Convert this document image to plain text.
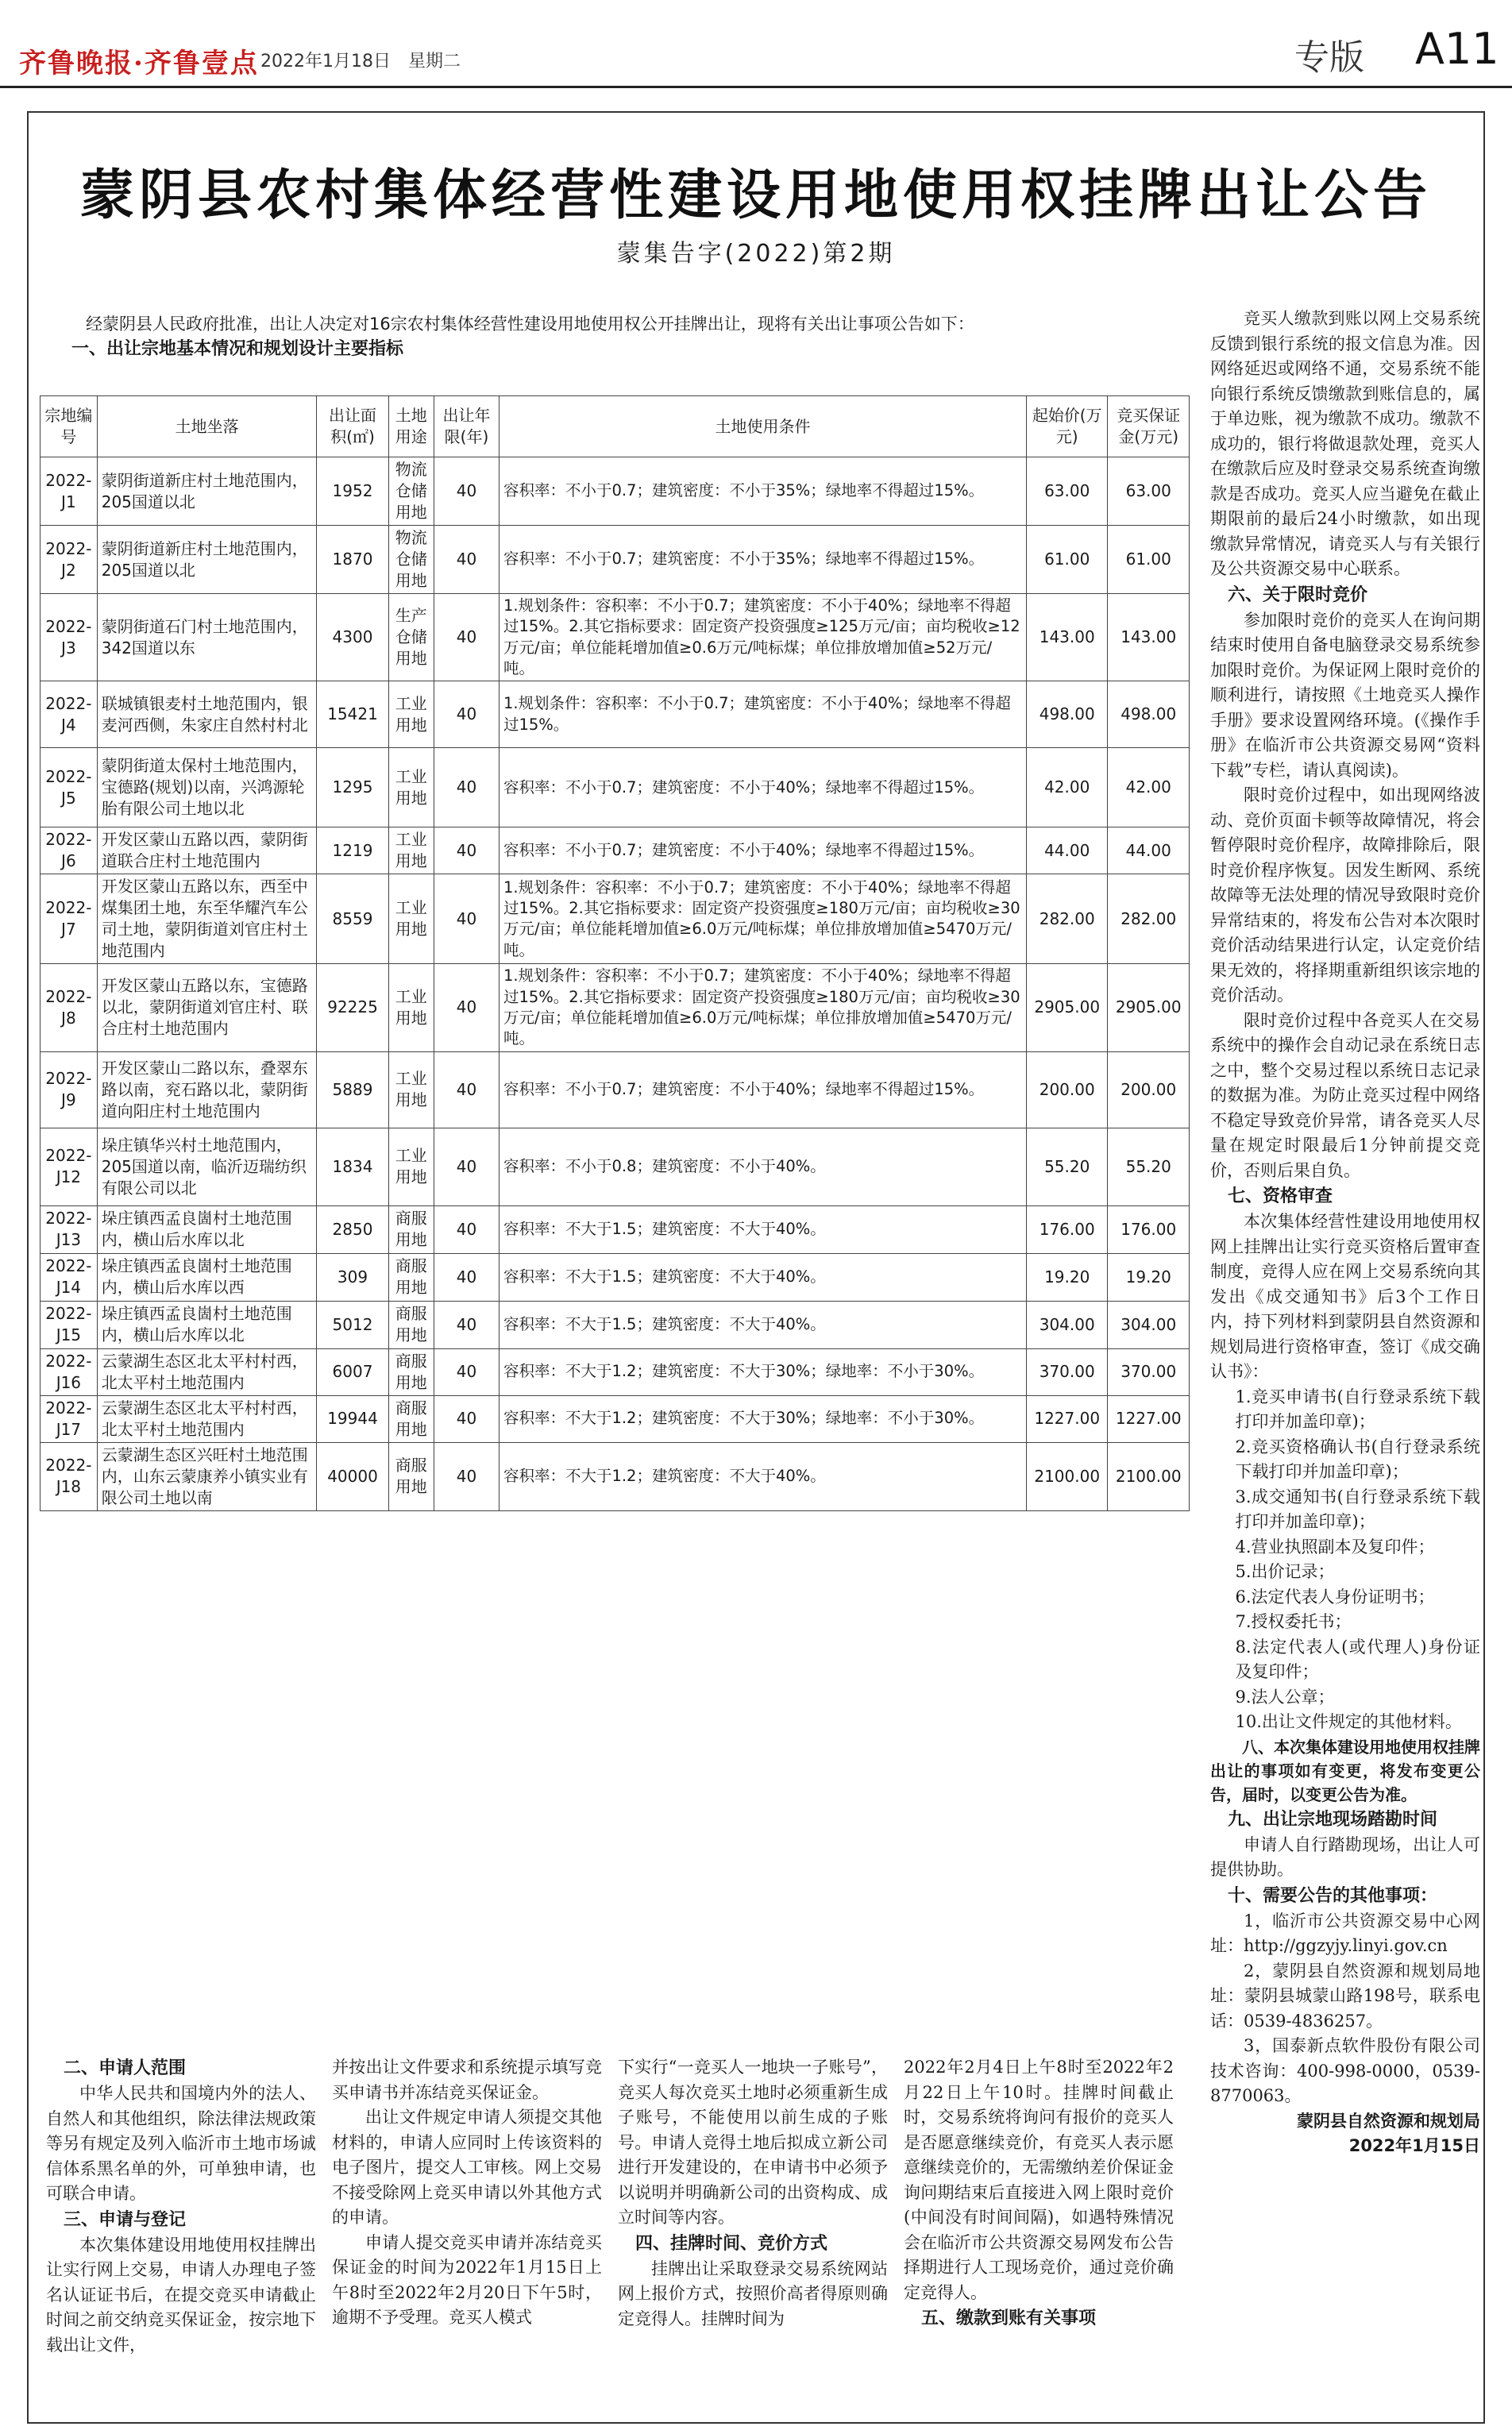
齐鲁晚报·齐鲁壹点 2022年1月18日　星期二	专版 A11
蒙阴县农村集体经营性建设用地使用权挂牌出让公告
蒙集告字(2022)第2期
经蒙阴县人民政府批准，出让人决定对16宗农村集体经营性建设用地使用权公开挂牌出让，现将有关出让事项公告如下：
一、出让宗地基本情况和规划设计主要指标
宗地编号	土地坐落	出让面积(㎡)	土地用途	出让年限(年)	土地使用条件	起始价(万元)	竞买保证金(万元)
2022-J1	蒙阴街道新庄村土地范围内，205国道以北	1952	物流仓储用地	40	容积率：不小于0.7；建筑密度：不小于35%；绿地率不得超过15%。	63.00	63.00
2022-J2	蒙阴街道新庄村土地范围内，205国道以北	1870	物流仓储用地	40	容积率：不小于0.7；建筑密度：不小于35%；绿地率不得超过15%。	61.00	61.00
2022-J3	蒙阴街道石门村土地范围内，342国道以东	4300	生产仓储用地	40	1.规划条件：容积率：不小于0.7；建筑密度：不小于40%；绿地率不得超过15%。2.其它指标要求：固定资产投资强度≥125万元/亩；亩均税收≥12万元/亩；单位能耗增加值≥0.6万元/吨标煤；单位排放增加值≥52万元/吨。	143.00	143.00
2022-J4	联城镇银麦村土地范围内，银麦河西侧，朱家庄自然村村北	15421	工业用地	40	1.规划条件：容积率：不小于0.7；建筑密度：不小于40%；绿地率不得超过15%。	498.00	498.00
2022-J5	蒙阴街道太保村土地范围内，宝德路(规划)以南，兴鸿源轮胎有限公司土地以北	1295	工业用地	40	容积率：不小于0.7；建筑密度：不小于40%；绿地率不得超过15%。	42.00	42.00
2022-J6	开发区蒙山五路以西，蒙阴街道联合庄村土地范围内	1219	工业用地	40	容积率：不小于0.7；建筑密度：不小于40%；绿地率不得超过15%。	44.00	44.00
2022-J7	开发区蒙山五路以东，西至中煤集团土地，东至华耀汽车公司土地，蒙阴街道刘官庄村土地范围内	8559	工业用地	40	1.规划条件：容积率：不小于0.7；建筑密度：不小于40%；绿地率不得超过15%。2.其它指标要求：固定资产投资强度≥180万元/亩；亩均税收≥30万元/亩；单位能耗增加值≥6.0万元/吨标煤；单位排放增加值≥5470万元/吨。	282.00	282.00
2022-J8	开发区蒙山五路以东，宝德路以北，蒙阴街道刘官庄村、联合庄村土地范围内	92225	工业用地	40	1.规划条件：容积率：不小于0.7；建筑密度：不小于40%；绿地率不得超过15%。2.其它指标要求：固定资产投资强度≥180万元/亩；亩均税收≥30万元/亩；单位能耗增加值≥6.0万元/吨标煤；单位排放增加值≥5470万元/吨。	2905.00	2905.00
2022-J9	开发区蒙山二路以东，叠翠东路以南，兖石路以北，蒙阴街道向阳庄村土地范围内	5889	工业用地	40	容积率：不小于0.7；建筑密度：不小于40%；绿地率不得超过15%。	200.00	200.00
2022-J12	垛庄镇华兴村土地范围内，205国道以南，临沂迈瑞纺织有限公司以北	1834	工业用地	40	容积率：不小于0.8；建筑密度：不小于40%。	55.20	55.20
2022-J13	垛庄镇西孟良崮村土地范围内，横山后水库以北	2850	商服用地	40	容积率：不大于1.5；建筑密度：不大于40%。	176.00	176.00
2022-J14	垛庄镇西孟良崮村土地范围内，横山后水库以西	309	商服用地	40	容积率：不大于1.5；建筑密度：不大于40%。	19.20	19.20
2022-J15	垛庄镇西孟良崮村土地范围内，横山后水库以北	5012	商服用地	40	容积率：不大于1.5；建筑密度：不大于40%。	304.00	304.00
2022-J16	云蒙湖生态区北太平村村西，北太平村土地范围内	6007	商服用地	40	容积率：不大于1.2；建筑密度：不大于30%；绿地率：不小于30%。	370.00	370.00
2022-J17	云蒙湖生态区北太平村村西，北太平村土地范围内	19944	商服用地	40	容积率：不大于1.2；建筑密度：不大于30%；绿地率：不小于30%。	1227.00	1227.00
2022-J18	云蒙湖生态区兴旺村土地范围内，山东云蒙康养小镇实业有限公司土地以南	40000	商服用地	40	容积率：不大于1.2；建筑密度：不大于40%。	2100.00	2100.00

竞买人缴款到账以网上交易系统反馈到银行系统的报文信息为准。因网络延迟或网络不通，交易系统不能向银行系统反馈缴款到账信息的，属于单边账，视为缴款不成功。缴款不成功的，银行将做退款处理，竞买人在缴款后应及时登录交易系统查询缴款是否成功。竞买人应当避免在截止期限前的最后24小时缴款，如出现缴款异常情况，请竞买人与有关银行及公共资源交易中心联系。

六、关于限时竞价

参加限时竞价的竞买人在询问期结束时使用自备电脑登录交易系统参加限时竞价。为保证网上限时竞价的顺利进行，请按照《土地竞买人操作手册》要求设置网络环境。(《操作手册》在临沂市公共资源交易网“资料下载”专栏，请认真阅读)。

限时竞价过程中，如出现网络波动、竞价页面卡顿等故障情况，将会暂停限时竞价程序，故障排除后，限时竞价程序恢复。因发生断网、系统故障等无法处理的情况导致限时竞价异常结束的，将发布公告对本次限时竞价活动结果进行认定，认定竞价结果无效的，将择期重新组织该宗地的竞价活动。

限时竞价过程中各竞买人在交易系统中的操作会自动记录在系统日志之中，整个交易过程以系统日志记录的数据为准。为防止竞买过程中网络不稳定导致竞价异常，请各竞买人尽量在规定时限最后1分钟前提交竞价，否则后果自负。

七、资格审查

本次集体经营性建设用地使用权网上挂牌出让实行竞买资格后置审查制度，竞得人应在网上交易系统向其发出《成交通知书》后3个工作日内，持下列材料到蒙阴县自然资源和规划局进行资格审查，签订《成交确认书》：

1.竞买申请书(自行登录系统下载打印并加盖印章)；

2.竞买资格确认书(自行登录系统下载打印并加盖印章)；

3.成交通知书(自行登录系统下载打印并加盖印章)；

4.营业执照副本及复印件；

5.出价记录；

6.法定代表人身份证明书；

7.授权委托书；

8.法定代表人(或代理人)身份证及复印件；

9.法人公章；

10.出让文件规定的其他材料。

八、本次集体建设用地使用权挂牌出让的事项如有变更，将发布变更公告，届时，以变更公告为准。

九、出让宗地现场踏勘时间

申请人自行踏勘现场，出让人可提供协助。

十、需要公告的其他事项：

1，临沂市公共资源交易中心网址：http://ggzyjy.linyi.gov.cn

2，蒙阴县自然资源和规划局地址：蒙阴县城蒙山路198号，联系电话：0539-4836257。

3，国泰新点软件股份有限公司技术咨询：400-998-0000，0539-8770063。

蒙阴县自然资源和规划局

2022年1月15日

二、申请人范围

中华人民共和国境内外的法人、自然人和其他组织，除法律法规政策等另有规定及列入临沂市土地市场诚信体系黑名单的外，可单独申请，也可联合申请。

三、申请与登记

本次集体建设用地使用权挂牌出让实行网上交易，申请人办理电子签名认证证书后，在提交竞买申请截止时间之前交纳竞买保证金，按宗地下载出让文件，

并按出让文件要求和系统提示填写竞买申请书并冻结竞买保证金。

出让文件规定申请人须提交其他材料的，申请人应同时上传该资料的电子图片，提交人工审核。网上交易不接受除网上竞买申请以外其他方式的申请。

申请人提交竞买申请并冻结竞买保证金的时间为2022年1月15日上午8时至2022年2月20日下午5时，逾期不予受理。竞买人模式

下实行“一竞买人一地块一子账号”，竞买人每次竞买土地时必须重新生成子账号，不能使用以前生成的子账号。申请人竞得土地后拟成立新公司进行开发建设的，在申请书中必须予以说明并明确新公司的出资构成、成立时间等内容。

四、挂牌时间、竞价方式

挂牌出让采取登录交易系统网站网上报价方式，按照价高者得原则确定竞得人。挂牌时间为

2022年2月4日上午8时至2022年2月22日上午10时。挂牌时间截止时，交易系统将询问有报价的竞买人是否愿意继续竞价，有竞买人表示愿意继续竞价的，无需缴纳差价保证金询问期结束后直接进入网上限时竞价(中间没有时间间隔)，如遇特殊情况会在临沂市公共资源交易网发布公告择期进行人工现场竞价，通过竞价确定竞得人。

五、缴款到账有关事项
